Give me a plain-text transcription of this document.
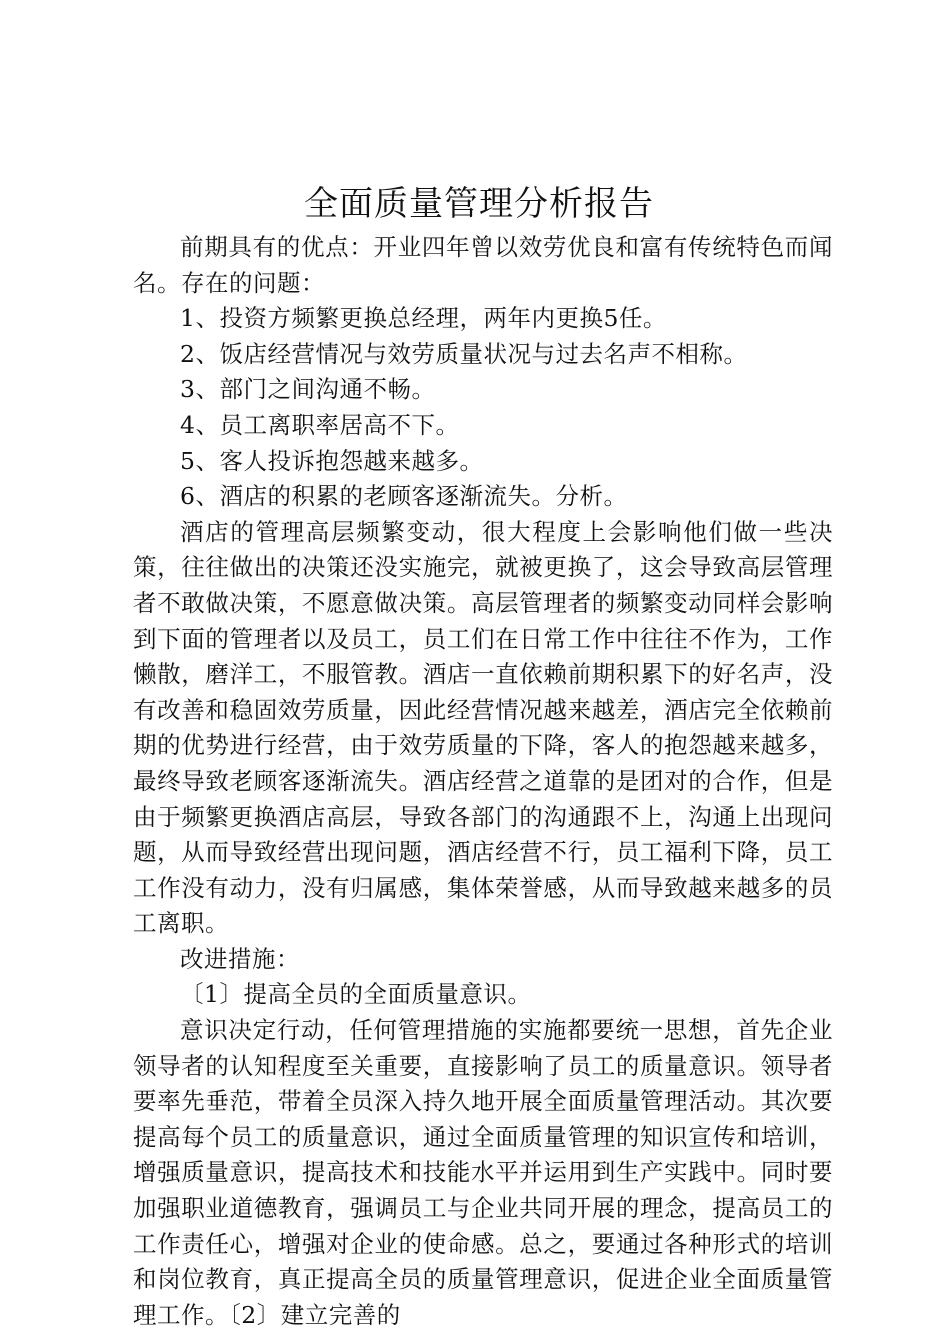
全面质量管理分析报告

前期具有的优点：开业四年曾以效劳优良和富有传统特色而闻名。存在的问题：

1、投资方频繁更换总经理，两年内更换5任。

2、饭店经营情况与效劳质量状况与过去名声不相称。

3、部门之间沟通不畅。

4、员工离职率居高不下。

5、客人投诉抱怨越来越多。

6、酒店的积累的老顾客逐渐流失。分析。

酒店的管理高层频繁变动，很大程度上会影响他们做一些决策，往往做出的决策还没实施完，就被更换了，这会导致高层管理者不敢做决策，不愿意做决策。高层管理者的频繁变动同样会影响到下面的管理者以及员工，员工们在日常工作中往往不作为，工作懒散，磨洋工，不服管教。酒店一直依赖前期积累下的好名声，没有改善和稳固效劳质量，因此经营情况越来越差，酒店完全依赖前期的优势进行经营，由于效劳质量的下降，客人的抱怨越来越多，最终导致老顾客逐渐流失。酒店经营之道靠的是团对的合作，但是由于频繁更换酒店高层，导致各部门的沟通跟不上，沟通上出现问题，从而导致经营出现问题，酒店经营不行，员工福利下降，员工工作没有动力，没有归属感，集体荣誉感，从而导致越来越多的员工离职。

改进措施：

〔1〕提高全员的全面质量意识。

意识决定行动，任何管理措施的实施都要统一思想，首先企业领导者的认知程度至关重要，直接影响了员工的质量意识。领导者要率先垂范，带着全员深入持久地开展全面质量管理活动。其次要提高每个员工的质量意识，通过全面质量管理的知识宣传和培训，增强质量意识，提高技术和技能水平并运用到生产实践中。同时要加强职业道德教育，强调员工与企业共同开展的理念，提高员工的工作责任心，增强对企业的使命感。总之，要通过各种形式的培训和岗位教育，真正提高全员的质量管理意识，促进企业全面质量管理工作。〔2〕建立完善的
